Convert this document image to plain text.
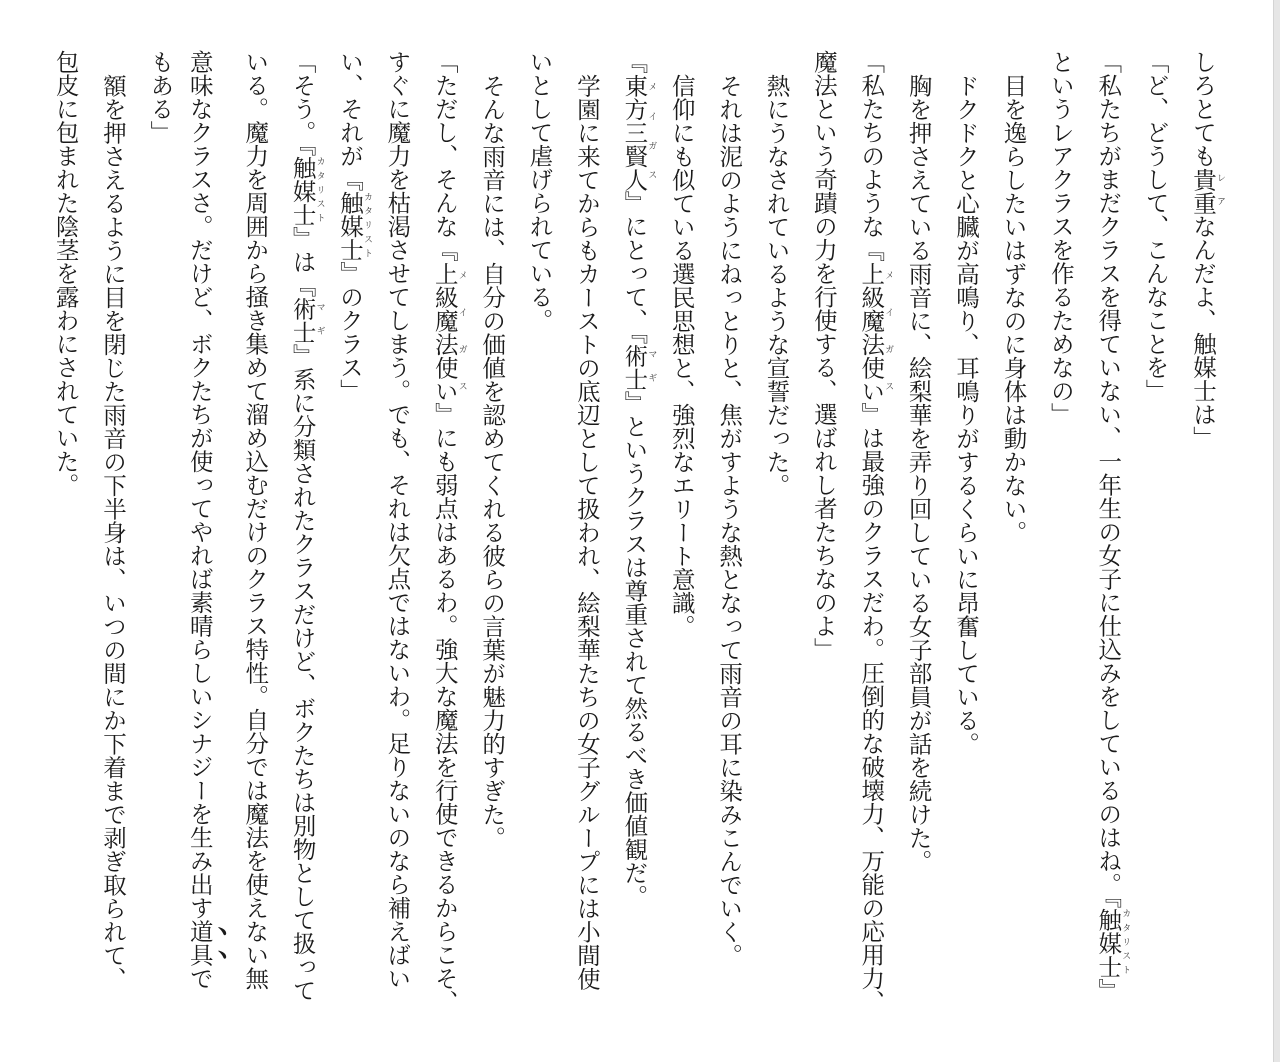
しろとても貴重レアなんだよ、触媒士は」
「ど、どうして、こんなことを」
「私たちがまだクラスを得ていない、一年生の女子に仕込みをしているのはね。『触媒士カタリスト』
というレアクラスを作るためなの」
目を逸らしたいはずなのに身体は動かない。
ドクドクと心臓が高鳴り、耳鳴りがするくらいに昂奮している。
胸を押さえている雨音に、絵梨華を弄り回している女子部員が話を続けた。
「私たちのような『上級魔法使いメイガス』は最強のクラスだわ。圧倒的な破壊力、万能の応用力、
魔法という奇蹟の力を行使する、選ばれし者たちなのよ」
熱にうなされているような宣誓だった。
それは泥のようにねっとりと、焦がすような熱となって雨音の耳に染みこんでいく。
信仰にも似ている選民思想と、強烈なエリート意識。
『東方三賢人メイガス』にとって、『術士マギ』というクラスは尊重されて然るべき価値観だ。
学園に来てからもカーストの底辺として扱われ、絵梨華たちの女子グループには小間使
いとして虐げられている。
そんな雨音には、自分の価値を認めてくれる彼らの言葉が魅力的すぎた。
「ただし、そんな『上級魔法使いメイガス』にも弱点はあるわ。強大な魔法を行使できるからこそ、
すぐに魔力を枯渇させてしまう。でも、それは欠点ではないわ。足りないのなら補えばい
い、それが『触媒士カタリスト』のクラス」
「そう。『触媒士カタリスト』は『術士マギ』系に分類されたクラスだけど、ボクたちは別物として扱って
いる。魔力を周囲から掻き集めて溜め込むだけのクラス特性。自分では魔法を使えない無
意味なクラスさ。だけど、ボクたちが使ってやれば素晴らしいシナジーを生み出す道具で
もある」
額を押さえるように目を閉じた雨音の下半身は、いつの間にか下着まで剥ぎ取られて、
包皮に包まれた陰茎を露わにされていた。
